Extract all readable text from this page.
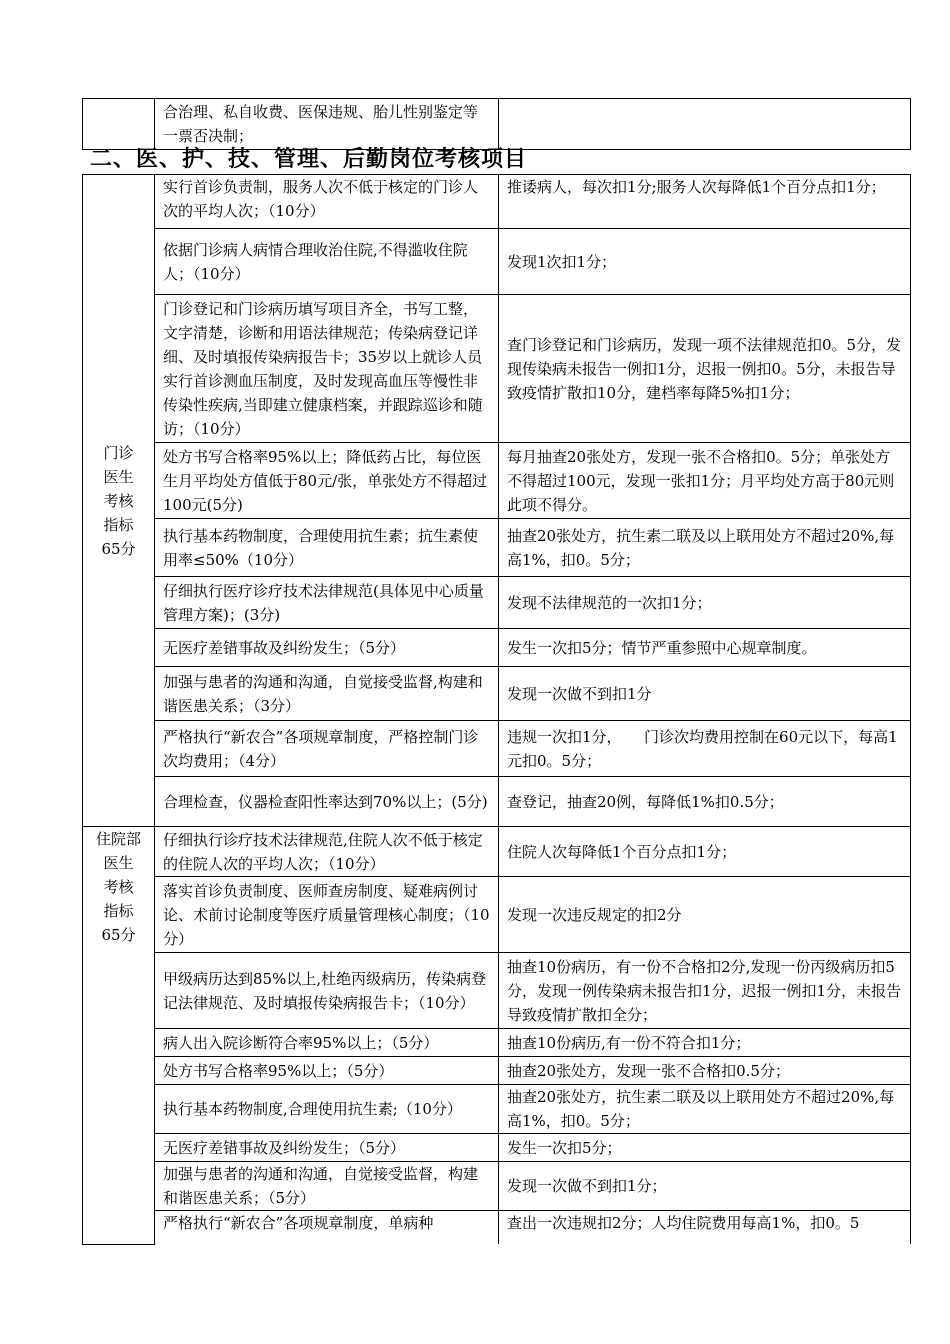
	合治理、私自收费、医保违规、胎儿性别鉴定等一票否决制；	
二、医、护、技、管理、后勤岗位考核项目
门诊
医生
考核
指标
65分	实行首诊负责制，服务人次不低于核定的门诊人次的平均人次；（10分）	推诿病人，每次扣1分;服务人次每降低1个百分点扣1分；
	依据门诊病人病情合理收治住院,不得滥收住院人；（10分）	发现1次扣1分；
	门诊登记和门诊病历填写项目齐全，书写工整，文字清楚，诊断和用语法律规范；传染病登记详细、及时填报传染病报告卡；35岁以上就诊人员实行首诊测血压制度，及时发现高血压等慢性非传染性疾病,当即建立健康档案，并跟踪巡诊和随访；（10分）	查门诊登记和门诊病历，发现一项不法律规范扣0。5分，发现传染病未报告一例扣1分，迟报一例扣0。5分，未报告导致疫情扩散扣10分，建档率每降5%扣1分；
	处方书写合格率95%以上；降低药占比，每位医生月平均处方值低于80元/张，单张处方不得超过100元(5分)	每月抽查20张处方，发现一张不合格扣0。5分；单张处方不得超过100元，发现一张扣1分；月平均处方高于80元则此项不得分。
	执行基本药物制度，合理使用抗生素；抗生素使用率≤50%（10分）	抽查20张处方，抗生素二联及以上联用处方不超过20%,每高1%，扣0。5分；
	仔细执行医疗诊疗技术法律规范(具体见中心质量管理方案)；(3分)	发现不法律规范的一次扣1分；
	无医疗差错事故及纠纷发生；（5分）	发生一次扣5分；情节严重参照中心规章制度。
	加强与患者的沟通和沟通，自觉接受监督,构建和谐医患关系；（3分）	发现一次做不到扣1分
	严格执行“新农合”各项规章制度，严格控制门诊次均费用；（4分）	违规一次扣1分，　　门诊次均费用控制在60元以下，每高1元扣0。5分；
	合理检查，仪器检查阳性率达到70%以上；(5分)	查登记，抽查20例，每降低1%扣0.5分；

住院部
医生
考核
指标
65分	仔细执行诊疗技术法律规范,住院人次不低于核定的住院人次的平均人次；（10分）	住院人次每降低1个百分点扣1分；
	落实首诊负责制度、医师查房制度、疑难病例讨论、术前讨论制度等医疗质量管理核心制度；（10分）	发现一次违反规定的扣2分
	甲级病历达到85%以上,杜绝丙级病历，传染病登记法律规范、及时填报传染病报告卡；（10分）	抽查10份病历，有一份不合格扣2分,发现一份丙级病历扣5分，发现一例传染病未报告扣1分，迟报一例扣1分，未报告导致疫情扩散扣全分；
	病人出入院诊断符合率95%以上；（5分）	抽查10份病历,有一份不符合扣1分；
	处方书写合格率95%以上；（5分）	抽查20张处方，发现一张不合格扣0.5分；
	执行基本药物制度,合理使用抗生素;（10分）	抽查20张处方，抗生素二联及以上联用处方不超过20%,每高1%，扣0。5分；
	无医疗差错事故及纠纷发生；（5分）	发生一次扣5分；
	加强与患者的沟通和沟通，自觉接受监督，构建和谐医患关系；（5分）	发现一次做不到扣1分；
	严格执行“新农合”各项规章制度，单病种	查出一次违规扣2分；人均住院费用每高1%，扣0。5
